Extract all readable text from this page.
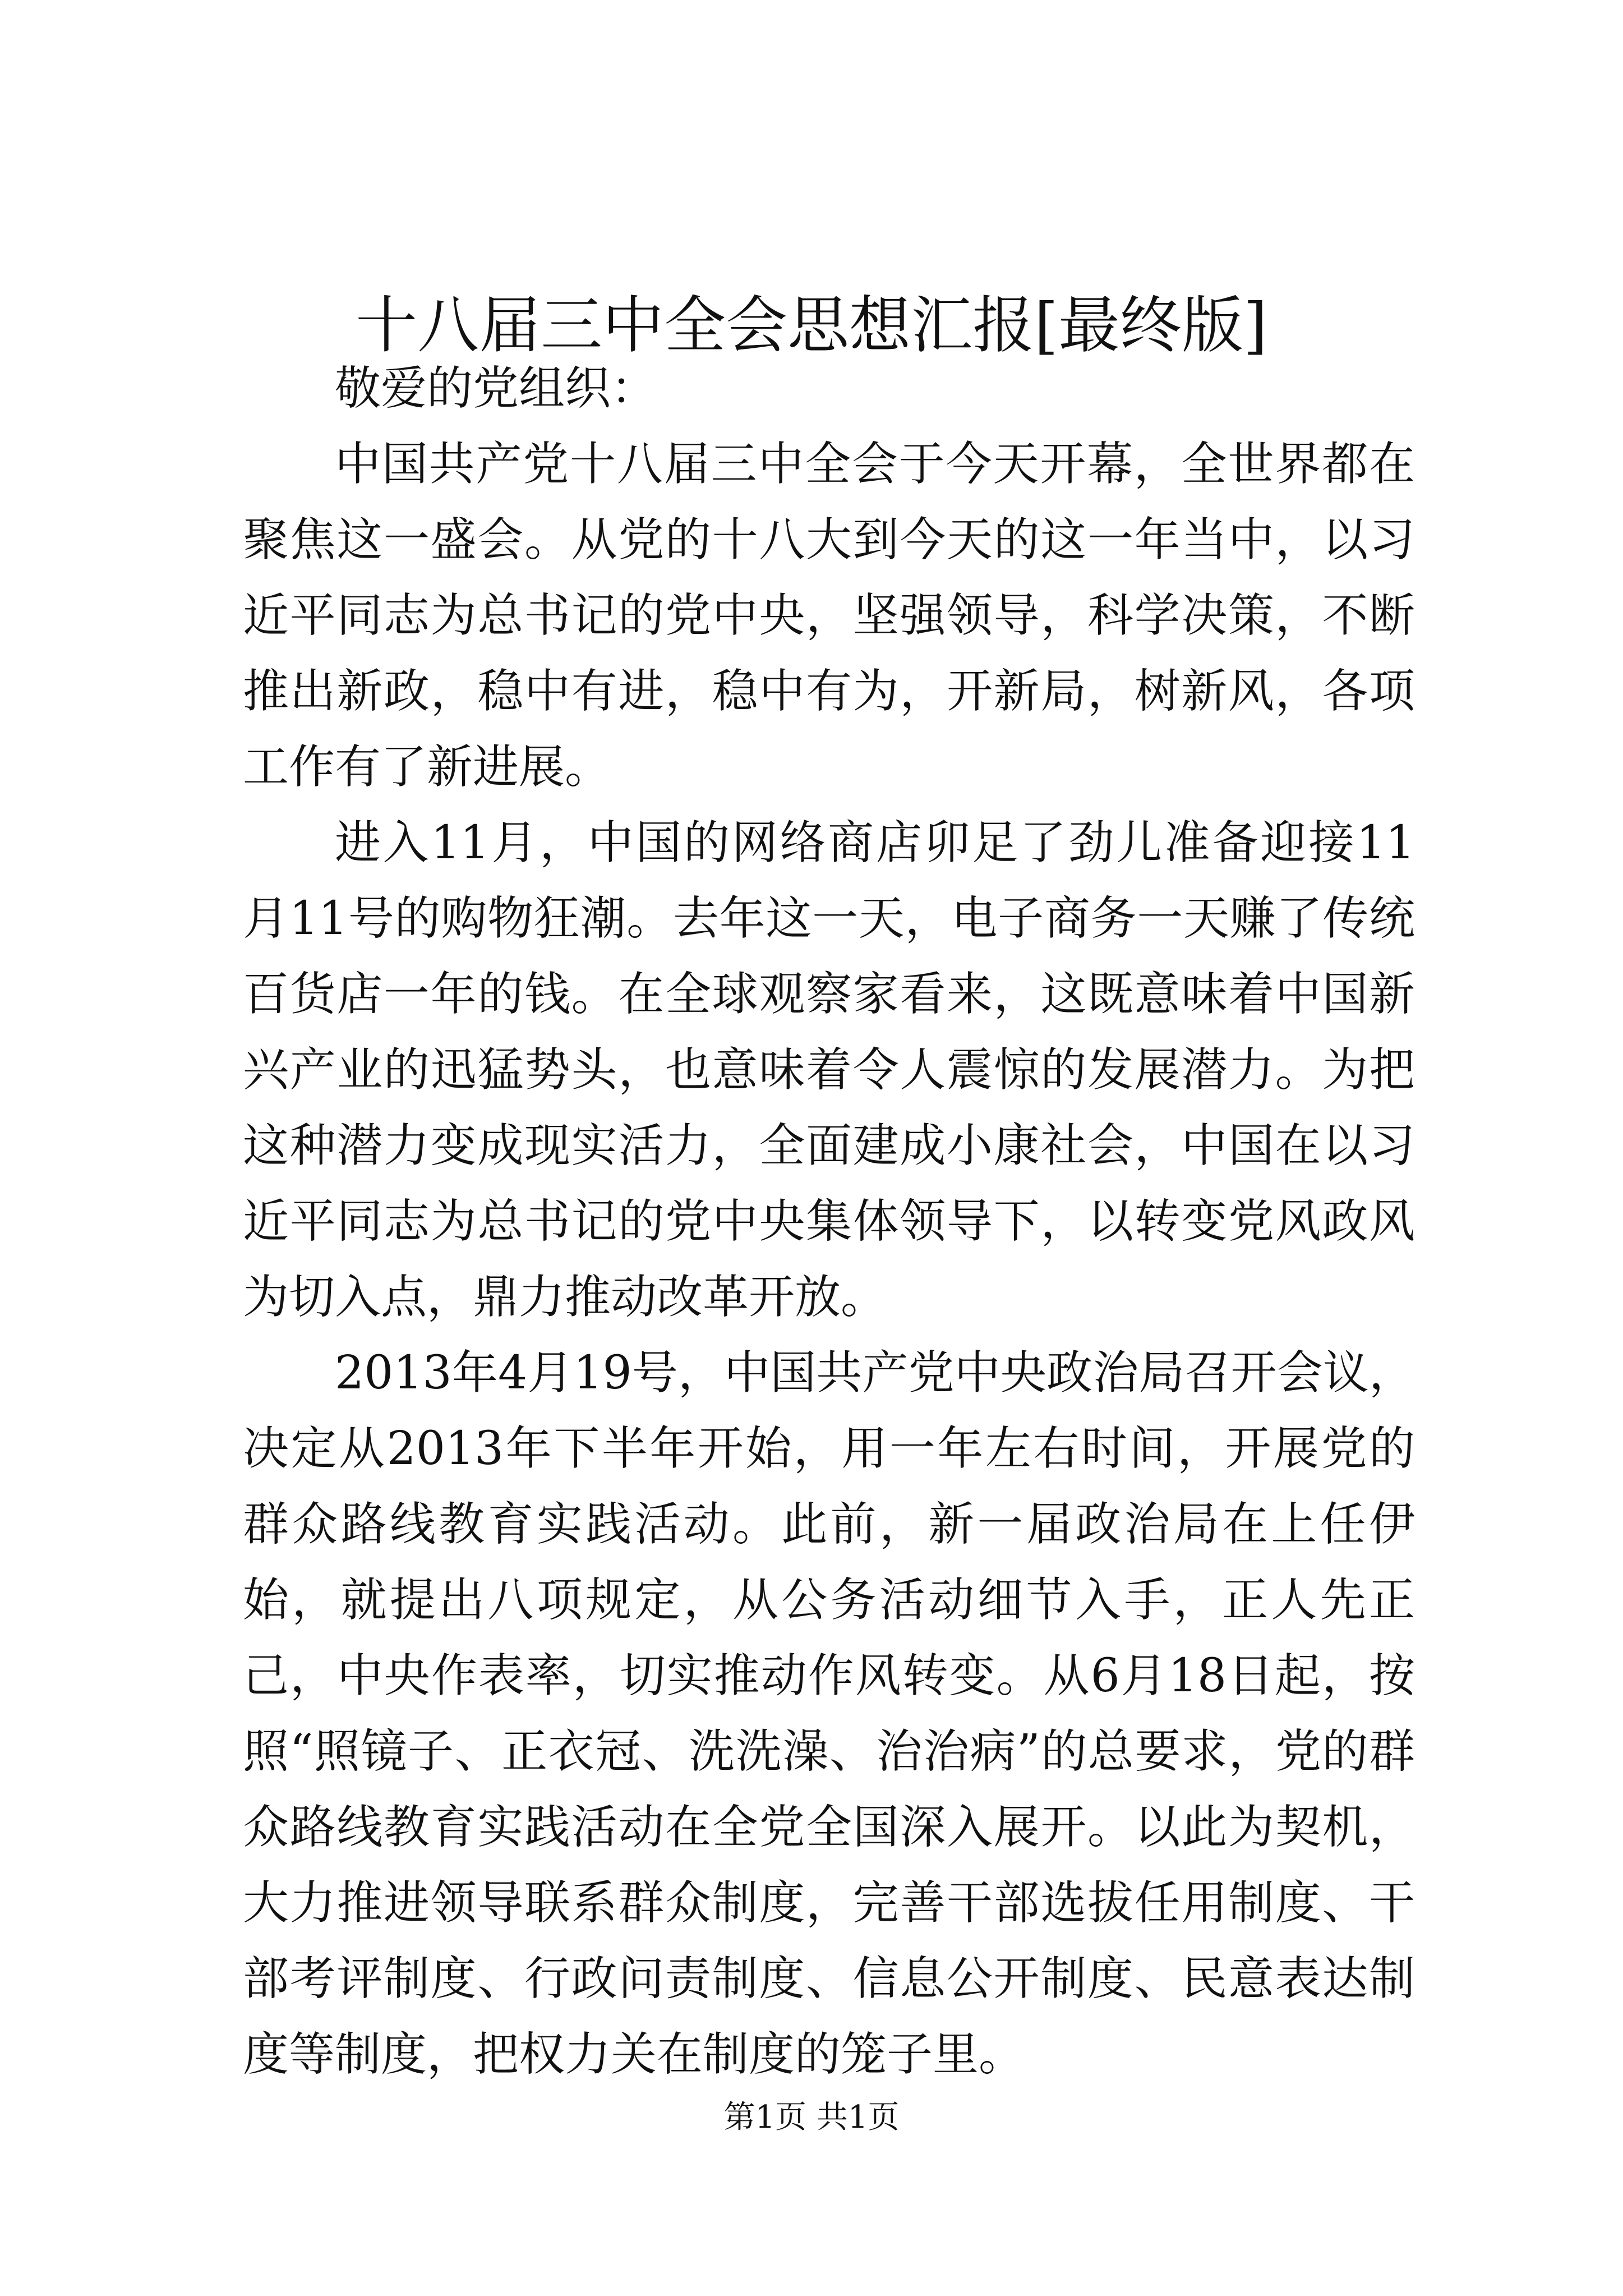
十八届三中全会思想汇报[最终版]

敬爱的党组织：

中国共产党十八届三中全会于今天开幕，全世界都在聚焦这一盛会。从党的十八大到今天的这一年当中，以习近平同志为总书记的党中央，坚强领导，科学决策，不断推出新政，稳中有进，稳中有为，开新局，树新风，各项工作有了新进展。

进入11月，中国的网络商店卯足了劲儿准备迎接11月11号的购物狂潮。去年这一天，电子商务一天赚了传统百货店一年的钱。在全球观察家看来，这既意味着中国新兴产业的迅猛势头，也意味着令人震惊的发展潜力。为把这种潜力变成现实活力，全面建成小康社会，中国在以习近平同志为总书记的党中央集体领导下，以转变党风政风为切入点，鼎力推动改革开放。

2013年4月19号，中国共产党中央政治局召开会议，决定从2013年下半年开始，用一年左右时间，开展党的群众路线教育实践活动。此前，新一届政治局在上任伊始，就提出八项规定，从公务活动细节入手，正人先正己，中央作表率，切实推动作风转变。从6月18日起，按照“照镜子、正衣冠、洗洗澡、治治病”的总要求，党的群众路线教育实践活动在全党全国深入展开。以此为契机，大力推进领导联系群众制度，完善干部选拔任用制度、干部考评制度、行政问责制度、信息公开制度、民意表达制度等制度，把权力关在制度的笼子里。

第1页 共1页
